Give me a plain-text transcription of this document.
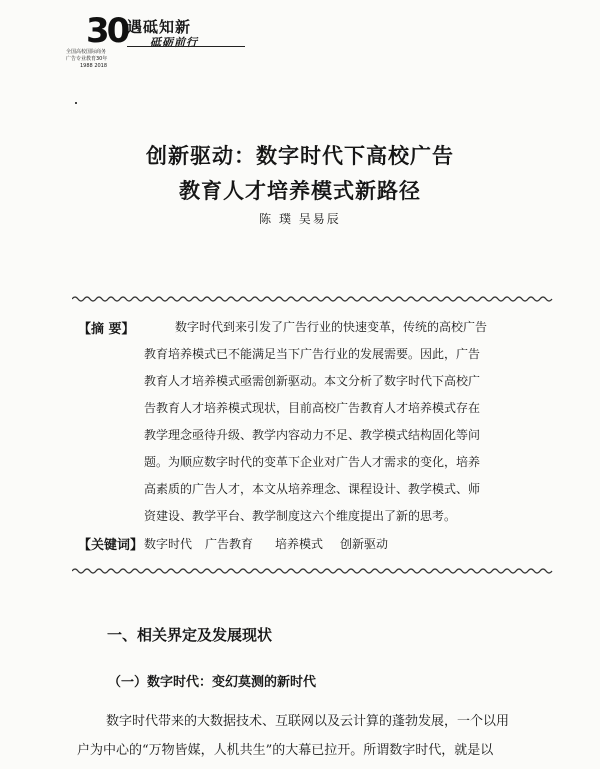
30 遇砥知新
砥砺前行
全国高校国际商务
广告专业教育30年
1988 2018
创新驱动：数字时代下高校广告
教育人才培养模式新路径
陈 璞 吴易辰
【摘 要】	数字时代到来引发了广告行业的快速变革，传统的高校广告
教育培养模式已不能满足当下广告行业的发展需要。因此，广告
教育人才培养模式亟需创新驱动。本文分析了数字时代下高校广
告教育人才培养模式现状，目前高校广告教育人才培养模式存在
教学理念亟待升级、教学内容动力不足、教学模式结构固化等问
题。为顺应数字时代的变革下企业对广告人才需求的变化，培养
高素质的广告人才，本文从培养理念、课程设计、教学模式、师
资建设、教学平台、教学制度这六个维度提出了新的思考。
【关键词】 数字时代 广告教育 培养模式 创新驱动
一、相关界定及发展现状
（一）数字时代：变幻莫测的新时代
数字时代带来的大数据技术、互联网以及云计算的蓬勃发展，一个以用
户为中心的“万物皆媒，人机共生”的大幕已拉开。所谓数字时代，就是以
